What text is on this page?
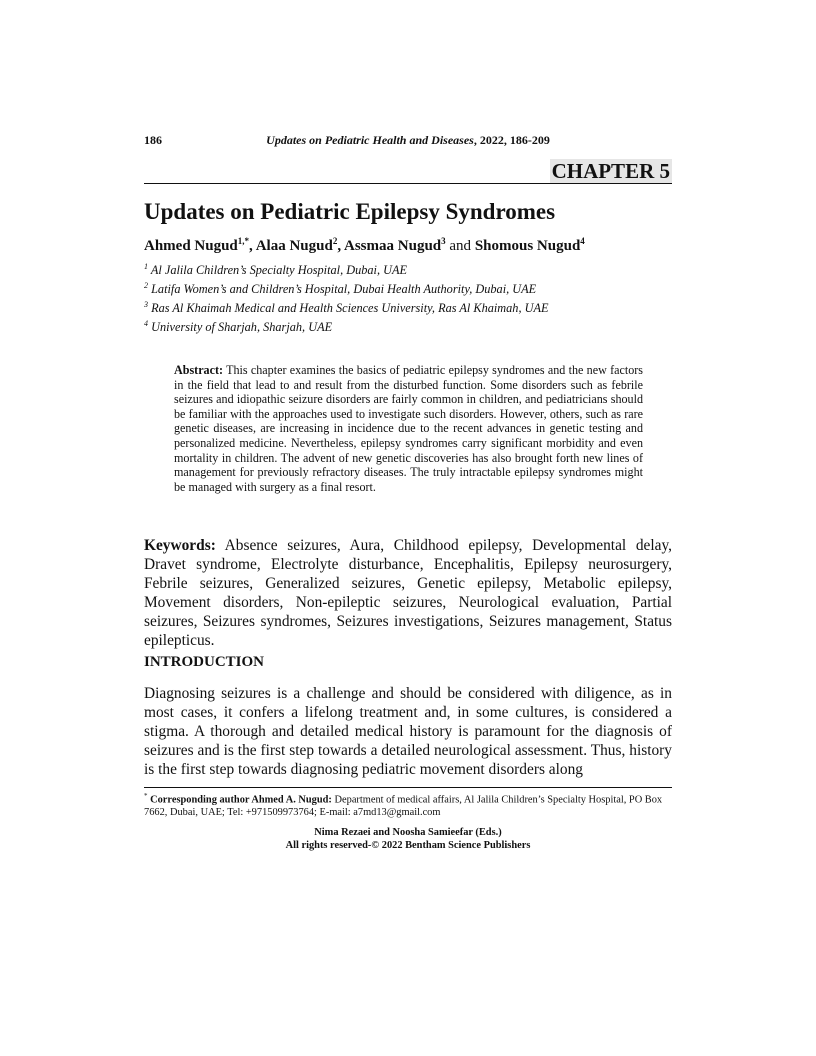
186	Updates on Pediatric Health and Diseases, 2022, 186-209
CHAPTER 5
Updates on Pediatric Epilepsy Syndromes
Ahmed Nugud$^{1,*}$, Alaa Nugud$^2$, Assmaa Nugud$^3$ and Shomous Nugud$^4$
$^1$ Al Jalila Children’s Specialty Hospital, Dubai, UAE
$^2$ Latifa Women’s and Children’s Hospital, Dubai Health Authority, Dubai, UAE
$^3$ Ras Al Khaimah Medical and Health Sciences University, Ras Al Khaimah, UAE
$^4$ University of Sharjah, Sharjah, UAE
Abstract: This chapter examines the basics of pediatric epilepsy syndromes and the new factors in the field that lead to and result from the disturbed function. Some disorders such as febrile seizures and idiopathic seizure disorders are fairly common in children, and pediatricians should be familiar with the approaches used to investigate such disorders. However, others, such as rare genetic diseases, are increasing in incidence due to the recent advances in genetic testing and personalized medicine. Nevertheless, epilepsy syndromes carry significant morbidity and even mortality in children. The advent of new genetic discoveries has also brought forth new lines of management for previously refractory diseases. The truly intractable epilepsy syndromes might be managed with surgery as a final resort.
Keywords: Absence seizures, Aura, Childhood epilepsy, Developmental delay, Dravet syndrome, Electrolyte disturbance, Encephalitis, Epilepsy neurosurgery, Febrile seizures, Generalized seizures, Genetic epilepsy, Metabolic epilepsy, Movement disorders, Non-epileptic seizures, Neurological evaluation, Partial seizures, Seizures syndromes, Seizures investigations, Seizures management, Status epilepticus.
INTRODUCTION
Diagnosing seizures is a challenge and should be considered with diligence, as in most cases, it confers a lifelong treatment and, in some cultures, is considered a stigma. A thorough and detailed medical history is paramount for the diagnosis of seizures and is the first step towards a detailed neurological assessment. Thus, history is the first step towards diagnosing pediatric movement disorders along
* Corresponding author Ahmed A. Nugud: Department of medical affairs, Al Jalila Children’s Specialty Hospital, PO Box 7662, Dubai, UAE; Tel: +971509973764; E-mail: a7md13@gmail.com
Nima Rezaei and Noosha Samieefar (Eds.)
All rights reserved-© 2022 Bentham Science Publishers
